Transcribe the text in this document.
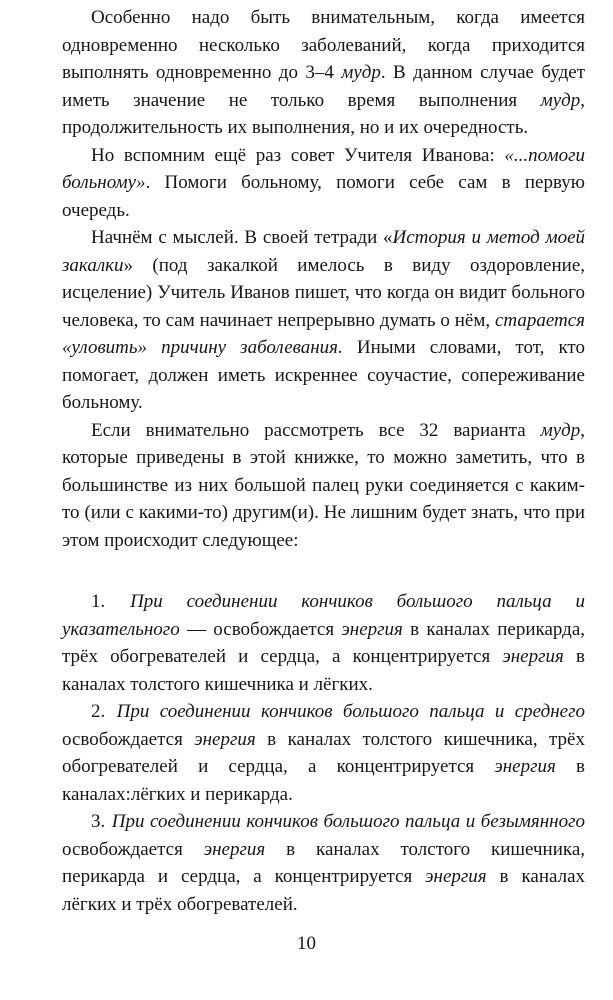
Особенно надо быть внимательным, когда имеется одновременно несколько заболеваний, когда приходится выполнять одновременно до 3–4 мудр. В данном случае будет иметь значение не только время выполнения мудр, продолжительность их выполнения, но и их очередность.

Но вспомним ещё раз совет Учителя Иванова: «...помоги больному». Помоги больному, помоги себе сам в первую очередь.

Начнём с мыслей. В своей тетради «История и метод моей закалки» (под закалкой имелось в виду оздоровление, исцеление) Учитель Иванов пишет, что когда он видит больного человека, то сам начинает непрерывно думать о нём, старается «уловить» причину заболевания. Иными словами, тот, кто помогает, должен иметь искреннее соучастие, сопереживание больному.

Если внимательно рассмотреть все 32 варианта мудр, которые приведены в этой книжке, то можно заметить, что в большинстве из них большой палец руки соединяется с каким-то (или с какими-то) другим(и). Не лишним будет знать, что при этом происходит следующее:

1. При соединении кончиков большого пальца и указательного — освобождается энергия в каналах перикарда, трёх обогревателей и сердца, а концентрируется энергия в каналах толстого кишечника и лёгких.

2. При соединении кончиков большого пальца и среднего освобождается энергия в каналах толстого кишечника, трёх обогревателей и сердца, а концентрируется энергия в каналах:лёгких и перикарда.

3. При соединении кончиков большого пальца и безымянного освобождается энергия в каналах толстого кишечника, перикарда и сердца, а концентрируется энергия в каналах лёгких и трёх обогревателей.

10
